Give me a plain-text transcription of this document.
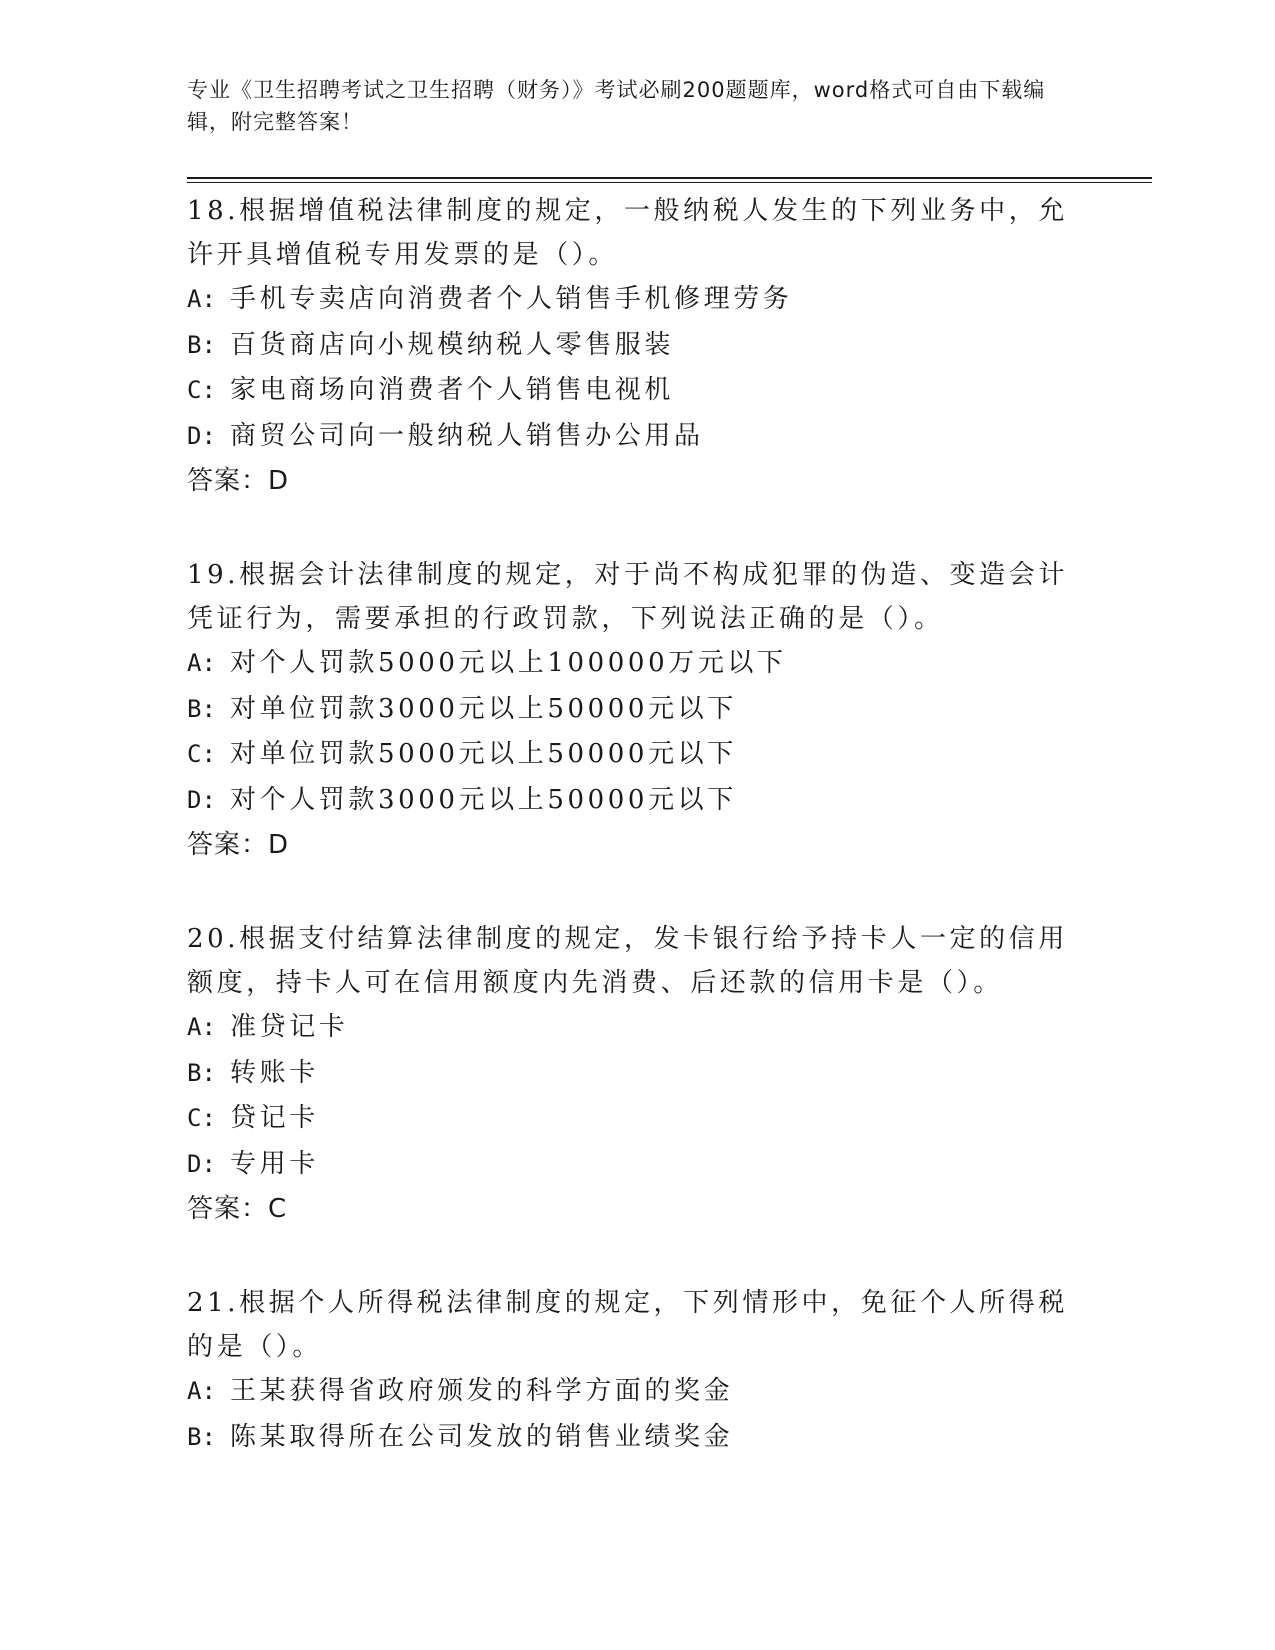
专业《卫生招聘考试之卫生招聘（财务）》考试必刷200题题库，word格式可自由下载编辑，附完整答案！
18.根据增值税法律制度的规定，一般纳税人发生的下列业务中，允许开具增值税专用发票的是（）。
A: 手机专卖店向消费者个人销售手机修理劳务
B: 百货商店向小规模纳税人零售服装
C: 家电商场向消费者个人销售电视机
D: 商贸公司向一般纳税人销售办公用品
答案：D
19.根据会计法律制度的规定，对于尚不构成犯罪的伪造、变造会计凭证行为，需要承担的行政罚款，下列说法正确的是（）。
A: 对个人罚款5000元以上100000万元以下
B: 对单位罚款3000元以上50000元以下
C: 对单位罚款5000元以上50000元以下
D: 对个人罚款3000元以上50000元以下
答案：D
20.根据支付结算法律制度的规定，发卡银行给予持卡人一定的信用额度，持卡人可在信用额度内先消费、后还款的信用卡是（）。
A: 准贷记卡
B: 转账卡
C: 贷记卡
D: 专用卡
答案：C
21.根据个人所得税法律制度的规定，下列情形中，免征个人所得税的是（）。
A: 王某获得省政府颁发的科学方面的奖金
B: 陈某取得所在公司发放的销售业绩奖金
